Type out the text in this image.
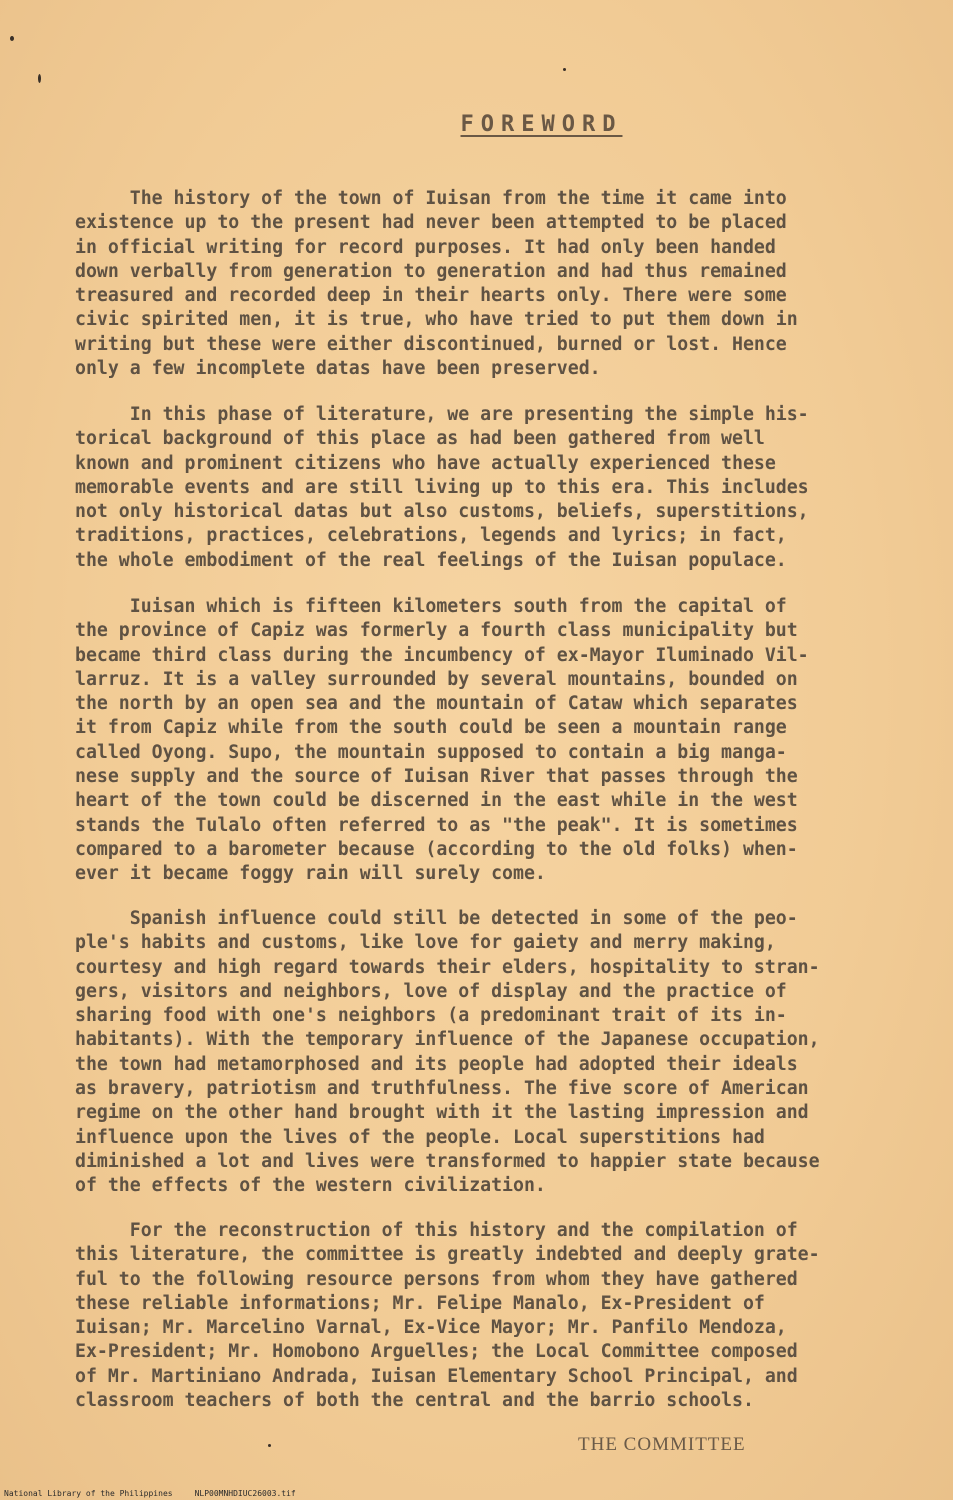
FOREWORD
The history of the town of Iuisan from the time it came into
existence up to the present had never been attempted to be placed
in official writing for record purposes. It had only been handed
down verbally from generation to generation and had thus remained
treasured and recorded deep in their hearts only. There were some
civic spirited men, it is true, who have tried to put them down in
writing but these were either discontinued, burned or lost. Hence
only a few incomplete datas have been preserved.
In this phase of literature, we are presenting the simple his-
torical background of this place as had been gathered from well
known and prominent citizens who have actually experienced these
memorable events and are still living up to this era. This includes
not only historical datas but also customs, beliefs, superstitions,
traditions, practices, celebrations, legends and lyrics; in fact,
the whole embodiment of the real feelings of the Iuisan populace.
Iuisan which is fifteen kilometers south from the capital of
the province of Capiz was formerly a fourth class municipality but
became third class during the incumbency of ex-Mayor Iluminado Vil-
larruz. It is a valley surrounded by several mountains, bounded on
the north by an open sea and the mountain of Cataw which separates
it from Capiz while from the south could be seen a mountain range
called Oyong. Supo, the mountain supposed to contain a big manga-
nese supply and the source of Iuisan River that passes through the
heart of the town could be discerned in the east while in the west
stands the Tulalo often referred to as "the peak". It is sometimes
compared to a barometer because (according to the old folks) when-
ever it became foggy rain will surely come.
Spanish influence could still be detected in some of the peo-
ple's habits and customs, like love for gaiety and merry making,
courtesy and high regard towards their elders, hospitality to stran-
gers, visitors and neighbors, love of display and the practice of
sharing food with one's neighbors (a predominant trait of its in-
habitants). With the temporary influence of the Japanese occupation,
the town had metamorphosed and its people had adopted their ideals
as bravery, patriotism and truthfulness. The five score of American
regime on the other hand brought with it the lasting impression and
influence upon the lives of the people. Local superstitions had
diminished a lot and lives were transformed to happier state because
of the effects of the western civilization.
For the reconstruction of this history and the compilation of
this literature, the committee is greatly indebted and deeply grate-
ful to the following resource persons from whom they have gathered
these reliable informations; Mr. Felipe Manalo, Ex-President of
Iuisan; Mr. Marcelino Varnal, Ex-Vice Mayor; Mr. Panfilo Mendoza,
Ex-President; Mr. Homobono Arguelles; the Local Committee composed
of Mr. Martiniano Andrada, Iuisan Elementary School Principal, and
classroom teachers of both the central and the barrio schools.
THE COMMITTEE
National Library of the Philippines	NLP00MNHDIUC26003.tif
